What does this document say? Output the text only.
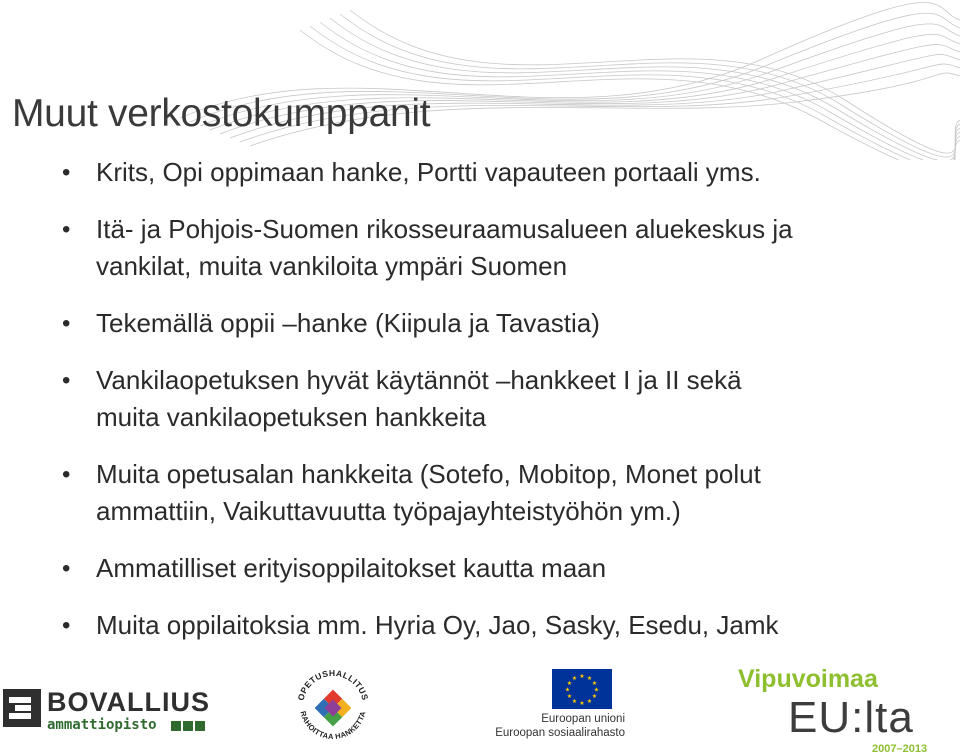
Muut verkostokumppanit
• Krits, Opi oppimaan hanke, Portti vapauteen portaali yms.
• Itä- ja Pohjois-Suomen rikosseuraamusalueen aluekeskus ja
vankilat, muita vankiloita ympäri Suomen
• Tekemällä oppii –hanke (Kiipula ja Tavastia)
• Vankilaopetuksen hyvät käytännöt –hankkeet I ja II sekä
muita vankilaopetuksen hankkeita
• Muita opetusalan hankkeita (Sotefo, Mobitop, Monet polut
ammattiin, Vaikuttavuutta työpajayhteistyöhön ym.)
• Ammatilliset erityisoppilaitokset kautta maan
• Muita oppilaitoksia mm. Hyria Oy, Jao, Sasky, Esedu, Jamk
BOVALLIUS
ammattiopisto
OPETUSHALLITUS
RAHOITTAA HANKETTA
★ ★
★
★
★
★
★
★
★
★
★
★
Euroopan unioni
Euroopan sosiaalirahasto
Vipuvoimaa
EU:lta
2007–2013
